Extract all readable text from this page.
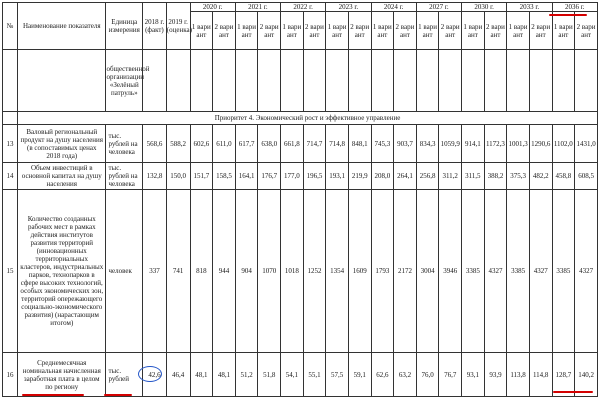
№	Наименование показателя	Единица измерения	2018 г. (факт)	2019 г. (оценка)	2020 г.		2021 г.		2022 г.		2023 г.		2024 г.		2027 г.		2030 г.		2033 г.		2036 г.	
					1 вари ант	2 вари ант	1 вари ант	2 вари ант	1 вари ант	2 вари ант	1 вари ант	2 вари ант	1 вари ант	2 вари ант	1 вари ант	2 вари ант	1 вари ант	2 вари ант	1 вари ант	2 вари ант	1 вари ант	2 вари ант
		общественной организации «Зелёный патруль»																				
	Приоритет 4. Экономический рост и эффективное управление																					
13	Валовый региональный продукт на душу населения (в сопоставимых ценах 2018 года)	тыс. рублей на человека	568,6	588,2	602,6	611,0	617,7	638,0	661,8	714,7	714,8	848,1	745,3	903,7	834,3	1059,9	914,1	1172,3	1001,3	1290,6	1102,0	1431,0
14	Объем инвестиций в основной капитал на душу населения	тыс. рублей на человека	132,8	150,0	151,7	158,5	164,1	176,7	177,0	196,5	193,1	219,9	208,0	264,1	256,8	311,2	311,5	388,2	375,3	482,2	458,8	608,5
15	Количество созданных рабочих мест в рамках действия институтов развития территорий (инновационных территориальных кластеров, индустриальных парков, технопарков в сфере высоких технологий, особых экономических зон, территорий опережающего социально-экономического развития) (нарастающим итогом)	человек	337	741	818	944	904	1070	1018	1252	1354	1609	1793	2172	3004	3946	3385	4327	3385	4327	3385	4327
16	Среднемесячная номинальная начисленная заработная плата в целом по региону	тыс. рублей	42,6	46,4	48,1	48,1	51,2	51,8	54,1	55,1	57,5	59,1	62,6	63,2	76,0	76,7	93,1	93,9	113,8	114,8	128,7	140,2
